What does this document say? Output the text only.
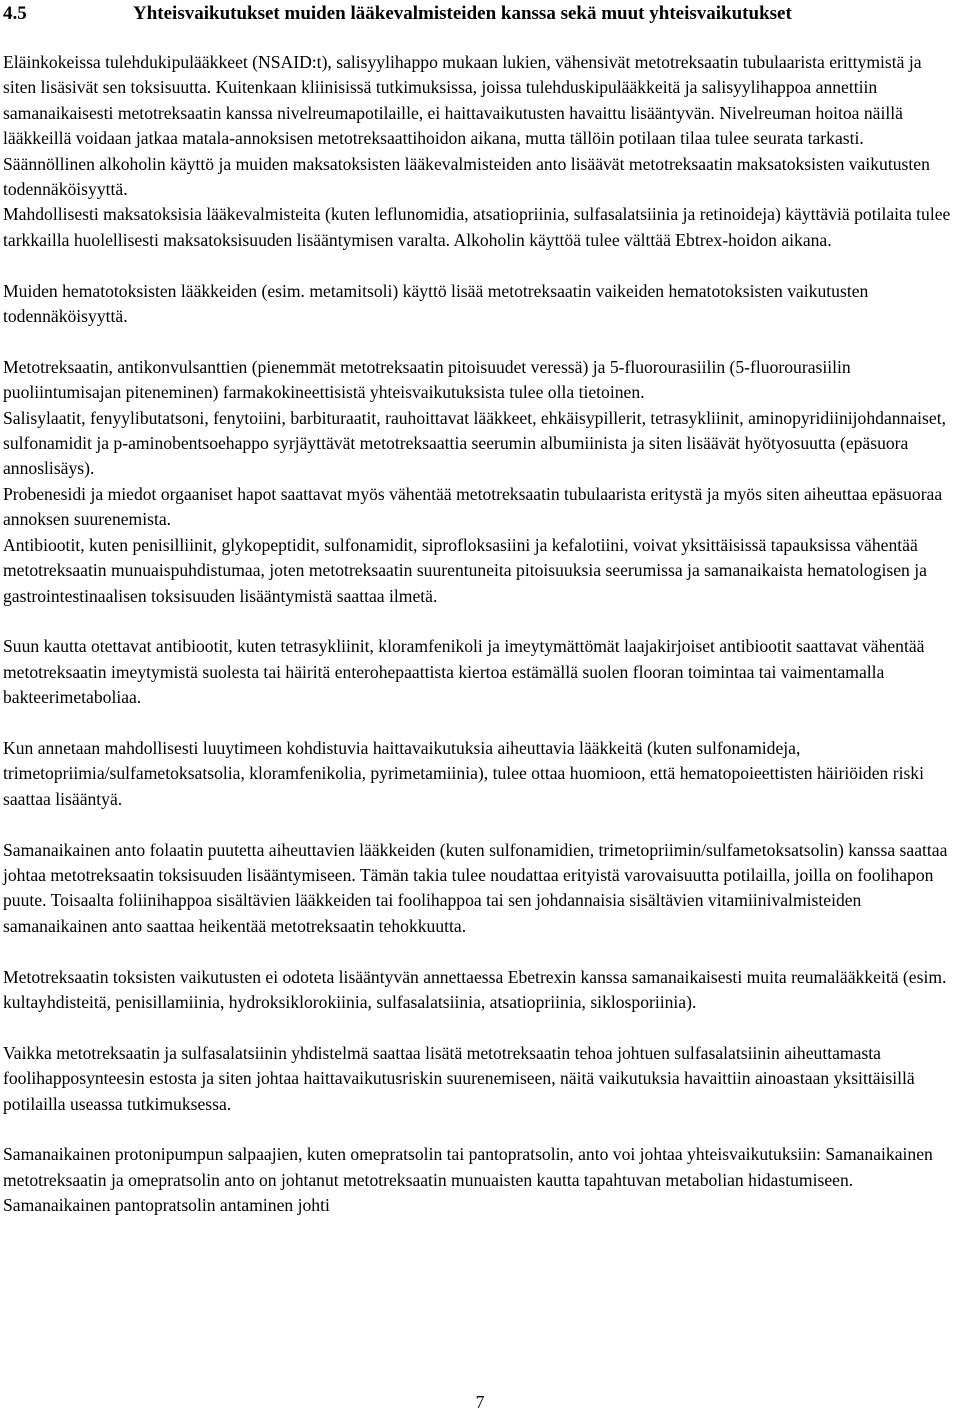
4.5	Yhteisvaikutukset muiden lääkevalmisteiden kanssa sekä muut yhteisvaikutukset

Eläinkokeissa tulehdukipulääkkeet (NSAID:t), salisyylihappo mukaan lukien, vähensivät metotreksaatin tubulaarista erittymistä ja siten lisäsivät sen toksisuutta. Kuitenkaan kliinisissä tutkimuksissa, joissa tulehduskipulääkkeitä ja salisyylihappoa annettiin samanaikaisesti metotreksaatin kanssa nivelreumapotilaille, ei haittavaikutusten havaittu lisääntyvän. Nivelreuman hoitoa näillä lääkkeillä voidaan jatkaa matala-annoksisen metotreksaattihoidon aikana, mutta tällöin potilaan tilaa tulee seurata tarkasti.

Säännöllinen alkoholin käyttö ja muiden maksatoksisten lääkevalmisteiden anto lisäävät metotreksaatin maksatoksisten vaikutusten todennäköisyyttä.

Mahdollisesti maksatoksisia lääkevalmisteita (kuten leflunomidia, atsatiopriinia, sulfasalatsiinia ja retinoideja) käyttäviä potilaita tulee tarkkailla huolellisesti maksatoksisuuden lisääntymisen varalta. Alkoholin käyttöä tulee välttää Ebtrex-hoidon aikana.

Muiden hematotoksisten lääkkeiden (esim. metamitsoli) käyttö lisää metotreksaatin vaikeiden hematotoksisten vaikutusten todennäköisyyttä.

Metotreksaatin, antikonvulsanttien (pienemmät metotreksaatin pitoisuudet veressä) ja 5-fluorourasiilin (5-fluorourasiilin puoliintumisajan piteneminen) farmakokineettisistä yhteisvaikutuksista tulee olla tietoinen.

Salisylaatit, fenyylibutatsoni, fenytoiini, barbituraatit, rauhoittavat lääkkeet, ehkäisypillerit, tetrasykliinit, aminopyridiinijohdannaiset, sulfonamidit ja p-aminobentsoehappo syrjäyttävät metotreksaattia seerumin albumiinista ja siten lisäävät hyötyosuutta (epäsuora annoslisäys).

Probenesidi ja miedot orgaaniset hapot saattavat myös vähentää metotreksaatin tubulaarista eritystä ja myös siten aiheuttaa epäsuoraa annoksen suurenemista.

Antibiootit, kuten penisilliinit, glykopeptidit, sulfonamidit, siprofloksasiini ja kefalotiini, voivat yksittäisissä tapauksissa vähentää metotreksaatin munuaispuhdistumaa, joten metotreksaatin suurentuneita pitoisuuksia seerumissa ja samanaikaista hematologisen ja gastrointestinaalisen toksisuuden lisääntymistä saattaa ilmetä.

Suun kautta otettavat antibiootit, kuten tetrasykliinit, kloramfenikoli ja imeytymättömät laajakirjoiset antibiootit saattavat vähentää metotreksaatin imeytymistä suolesta tai häiritä enterohepaattista kiertoa estämällä suolen flooran toimintaa tai vaimentamalla bakteerimetaboliaa.

Kun annetaan mahdollisesti luuytimeen kohdistuvia haittavaikutuksia aiheuttavia lääkkeitä (kuten sulfonamideja, trimetopriimia/sulfametoksatsolia, kloramfenikolia, pyrimetamiinia), tulee ottaa huomioon, että hematopoieettisten häiriöiden riski saattaa lisääntyä.

Samanaikainen anto folaatin puutetta aiheuttavien lääkkeiden (kuten sulfonamidien, trimetopriimin/sulfametoksatsolin) kanssa saattaa johtaa metotreksaatin toksisuuden lisääntymiseen. Tämän takia tulee noudattaa erityistä varovaisuutta potilailla, joilla on foolihapon puute. Toisaalta foliinihappoa sisältävien lääkkeiden tai foolihappoa tai sen johdannaisia sisältävien vitamiinivalmisteiden samanaikainen anto saattaa heikentää metotreksaatin tehokkuutta.

Metotreksaatin toksisten vaikutusten ei odoteta lisääntyvän annettaessa Ebetrexin kanssa samanaikaisesti muita reumalääkkeitä (esim. kultayhdisteitä, penisillamiinia, hydroksiklorokiinia, sulfasalatsiinia, atsatiopriinia, siklosporiinia).

Vaikka metotreksaatin ja sulfasalatsiinin yhdistelmä saattaa lisätä metotreksaatin tehoa johtuen sulfasalatsiinin aiheuttamasta foolihapposynteesin estosta ja siten johtaa haittavaikutusriskin suurenemiseen, näitä vaikutuksia havaittiin ainoastaan yksittäisillä potilailla useassa tutkimuksessa.

Samanaikainen protonipumpun salpaajien, kuten omepratsolin tai pantopratsolin, anto voi johtaa yhteisvaikutuksiin: Samanaikainen metotreksaatin ja omepratsolin anto on johtanut metotreksaatin munuaisten kautta tapahtuvan metabolian hidastumiseen. Samanaikainen pantopratsolin antaminen johti

7
